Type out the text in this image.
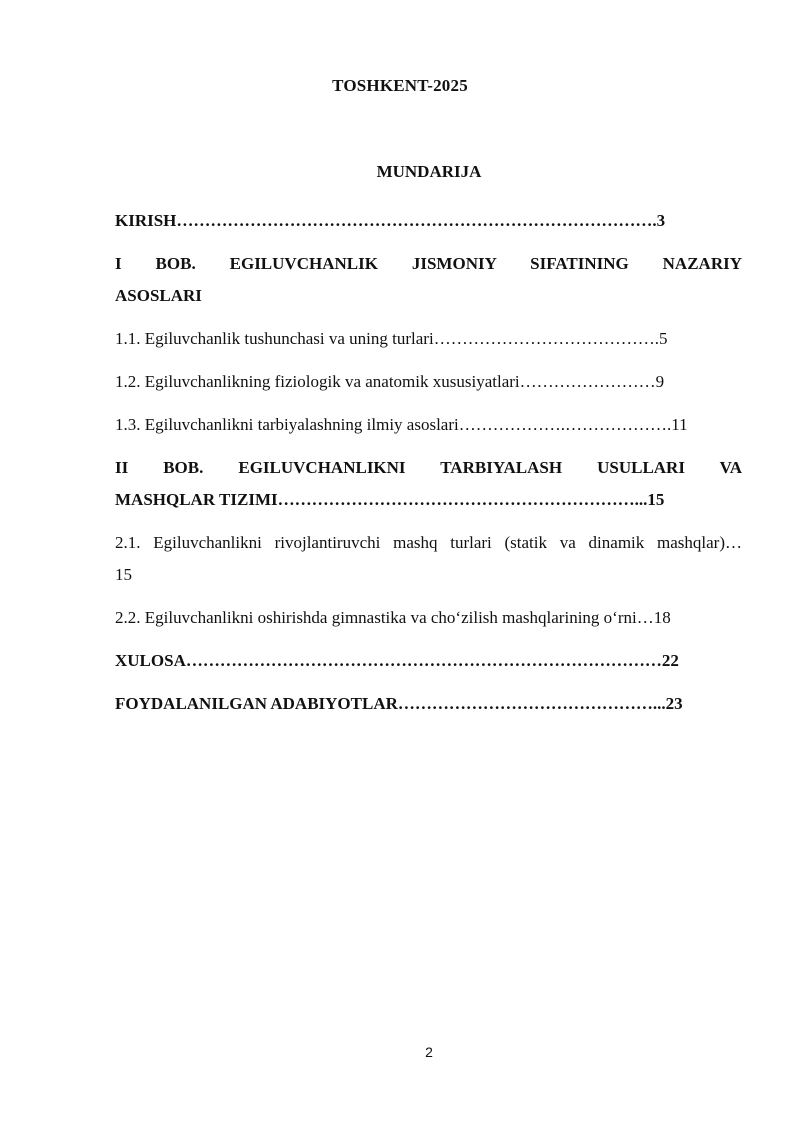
TOSHKENT-2025
MUNDARIJA
KIRISH………………………………………………………………………….3
I BOB. EGILUVCHANLIK JISMONIY SIFATINING NAZARIY
ASOSLARI
1.1. Egiluvchanlik tushunchasi va uning turlari………………………………….5
1.2. Egiluvchanlikning fiziologik va anatomik xususiyatlari……………………9
1.3. Egiluvchanlikni tarbiyalashning ilmiy asoslari……………….……………….11
II BOB. EGILUVCHANLIKNI TARBIYALASH USULLARI VA
MASHQLAR TIZIMI………………………………………………………...15
2.1. Egiluvchanlikni rivojlantiruvchi mashq turlari (statik va dinamik mashqlar)…
15
2.2. Egiluvchanlikni oshirishda gimnastika va cho‘zilish mashqlarining o‘rni…18
XULOSA…………………………………………………………………………22
FOYDALANILGAN ADABIYOTLAR………………………………………...23
2
